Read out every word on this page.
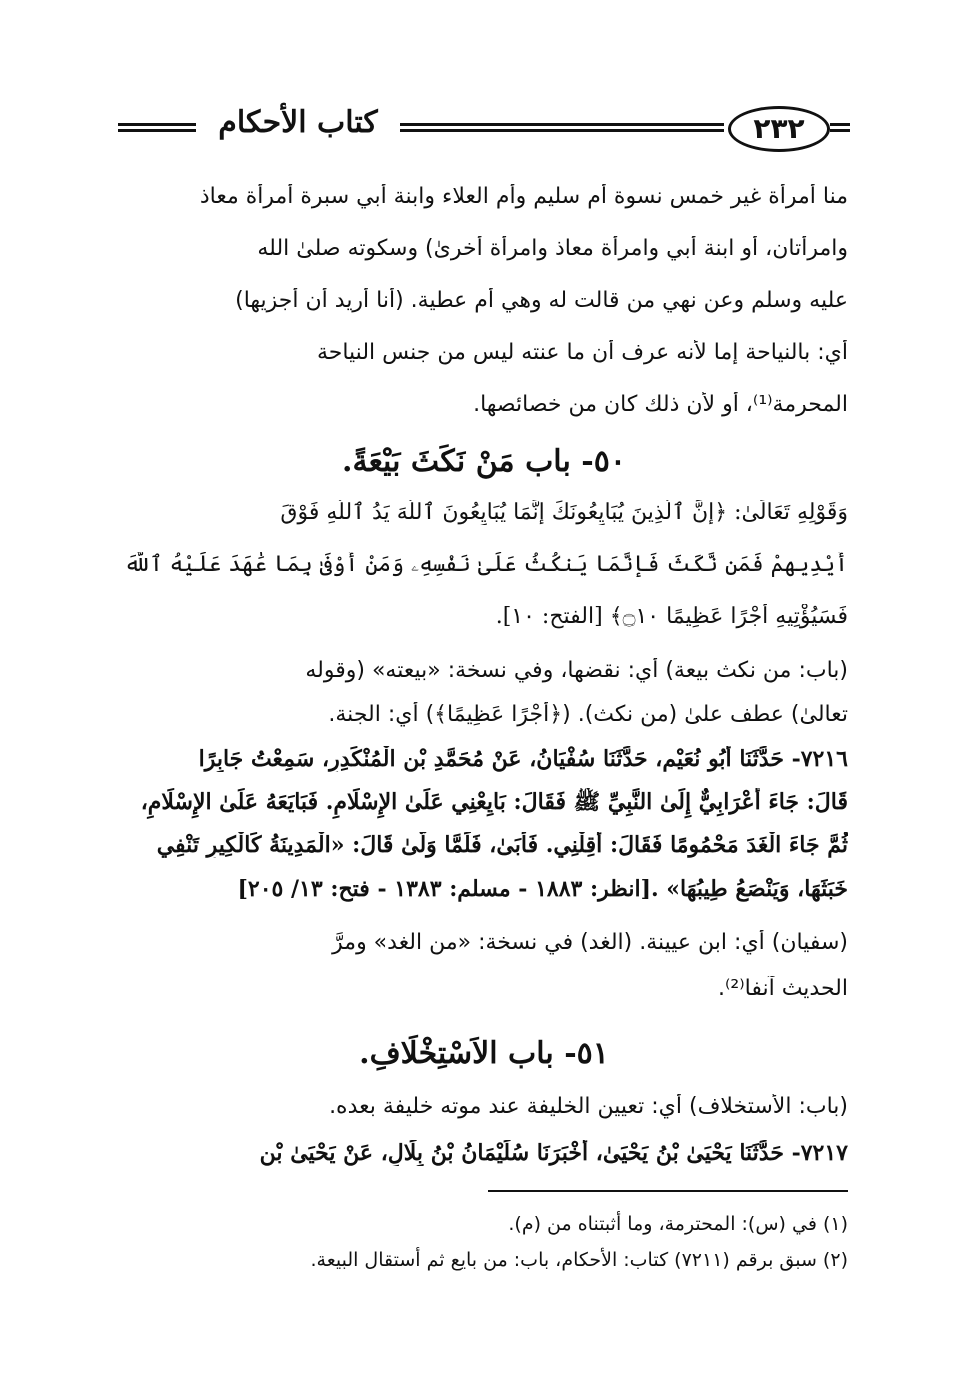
كتاب الأحكام	٢٣٢
منا أمرأة غير خمس نسوة أم سليم وأم العلاء وابنة أبي سبرة أمرأة معاذ
وامرأتان، أو ابنة أبي وامرأة معاذ وامرأة أخرىٰ) وسكوته صلىٰ الله
عليه وسلم وعن نهي من قالت له وهي أم عطية. (أنا أريد أن أجزيها)
أي: بالنياحة إما لأنه عرف أن ما عنته ليس من جنس النياحة
المحرمة⁽¹⁾، أو لأن ذلك كان من خصائصها.
٥٠- باب مَنْ نَكَثَ بَيْعَةً.
وَقَوْلِهِ تَعَالَىٰ: ﴿إِنَّ ٱلَّذِينَ يُبَايِعُونَكَ إِنَّمَا يُبَايِعُونَ ٱللَّهَ يَدُ ٱللَّهِ فَوْقَ
أَيْدِيهِمْ فَمَن نَّكَثَ فَإِنَّمَا يَنكُثُ عَلَىٰ نَفْسِهِۦ وَمَنْ أَوْفَىٰ بِمَا عَٰهَدَ عَلَيْهُ ٱللَّهَ
فَسَيُؤْتِيهِ أَجْرًا عَظِيمًا ۝١٠﴾ [الفتح: ١٠].
(باب: من نكث بيعة) أي: نقضها، وفي نسخة: «بيعته» (وقوله
تعالىٰ) عطف علىٰ (من نكث). (﴿أَجْرًا عَظِيمًا﴾) أي: الجنة.
٧٢١٦- حَدَّثَنَا أَبُو نُعَيْمٍ، حَدَّثَنَا سُفْيَانُ، عَنْ مُحَمَّدِ بْنِ الْمُنْكَدِرِ، سَمِعْتُ جَابِرًا
قَالَ: جَاءَ أَعْرَابِيٌّ إِلَىٰ النَّبِيِّ ﷺ فَقَالَ: بَايِعْنِي عَلَىٰ الإِسْلَامِ. فَبَايَعَهُ عَلَىٰ الإِسْلَامِ،
ثُمَّ جَاءَ الْغَدَ مَحْمُومًا فَقَالَ: أَقِلْنِي. فَأَبَىٰ، فَلَمَّا وَلَّىٰ قَالَ: «الْمَدِينَةُ كَالْكِيرِ تَنْفِي
خَبَثَهَا، وَيَنْصَعُ طِيبُهَا» .[انظر: ١٨٨٣ - مسلم: ١٣٨٣ - فتح: ١٣/ ٢٠٥]
(سفيان) أي: ابن عيينة. (الغد) في نسخة: «من الغد» ومرَّ
الحديث آنفا⁽²⁾.
٥١- باب الاَسْتِخْلَافِ.
(باب: الأستخلاف) أي: تعيين الخليفة عند موته خليفة بعده.
٧٢١٧- حَدَّثَنَا يَحْيَىٰ بْنُ يَحْيَىٰ، أَخْبَرَنَا سُلَيْمَانُ بْنُ بِلَالٍ، عَنْ يَحْيَىٰ بْنِ
(١) في (س): المحترمة، وما أثبتناه من (م).
(٢) سبق برقم (٧٢١١) كتاب: الأحكام، باب: من بايع ثم أستقال البيعة.
